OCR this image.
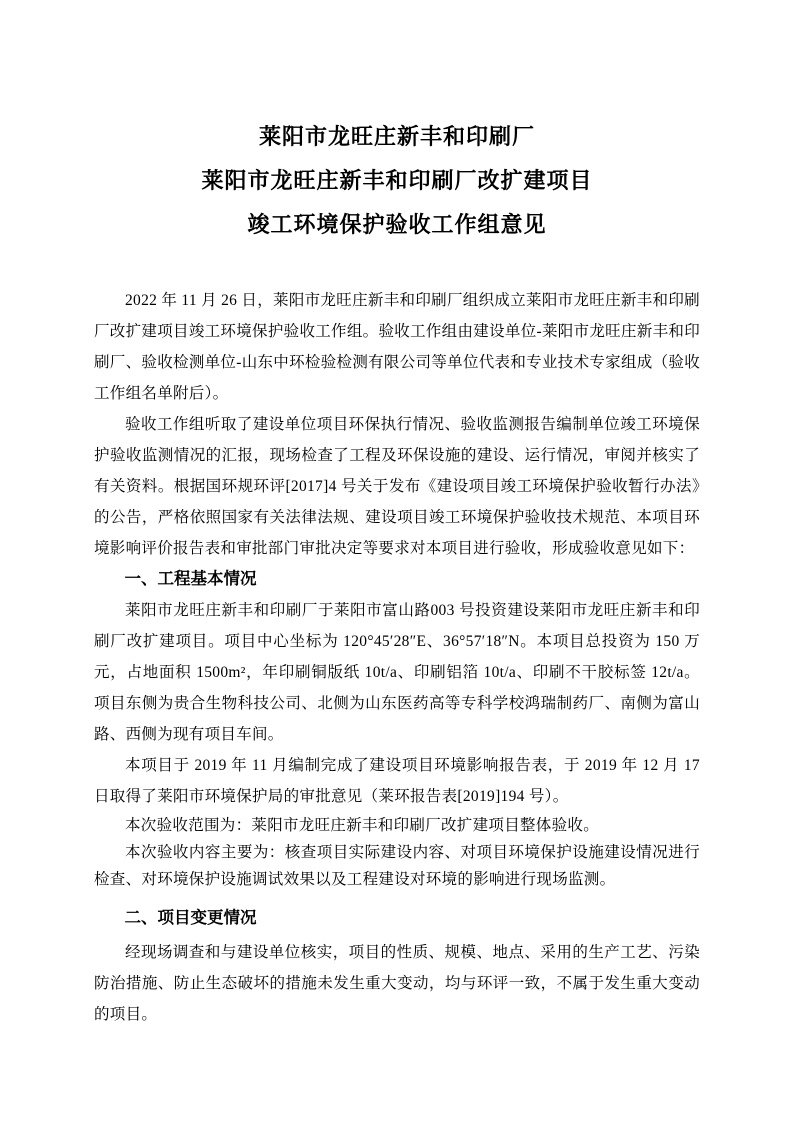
莱阳市龙旺庄新丰和印刷厂
莱阳市龙旺庄新丰和印刷厂改扩建项目
竣工环境保护验收工作组意见

2022 年 11 月 26 日，莱阳市龙旺庄新丰和印刷厂组织成立莱阳市龙旺庄新丰和印刷厂改扩建项目竣工环境保护验收工作组。验收工作组由建设单位-莱阳市龙旺庄新丰和印刷厂、验收检测单位-山东中环检验检测有限公司等单位代表和专业技术专家组成（验收工作组名单附后）。

验收工作组听取了建设单位项目环保执行情况、验收监测报告编制单位竣工环境保护验收监测情况的汇报，现场检查了工程及环保设施的建设、运行情况，审阅并核实了有关资料。根据国环规环评[2017]4 号关于发布《建设项目竣工环境保护验收暂行办法》的公告，严格依照国家有关法律法规、建设项目竣工环境保护验收技术规范、本项目环境影响评价报告表和审批部门审批决定等要求对本项目进行验收，形成验收意见如下：

一、工程基本情况

莱阳市龙旺庄新丰和印刷厂于莱阳市富山路003 号投资建设莱阳市龙旺庄新丰和印刷厂改扩建项目。项目中心坐标为 120°45′28″E、36°57′18″N。本项目总投资为 150 万元，占地面积 1500m²，年印刷铜版纸 10t/a、印刷铝箔 10t/a、印刷不干胶标签 12t/a。项目东侧为贵合生物科技公司、北侧为山东医药高等专科学校鸿瑞制药厂、南侧为富山路、西侧为现有项目车间。

本项目于 2019 年 11 月编制完成了建设项目环境影响报告表，于 2019 年 12 月 17 日取得了莱阳市环境保护局的审批意见（莱环报告表[2019]194 号）。

本次验收范围为：莱阳市龙旺庄新丰和印刷厂改扩建项目整体验收。

本次验收内容主要为：核查项目实际建设内容、对项目环境保护设施建设情况进行检查、对环境保护设施调试效果以及工程建设对环境的影响进行现场监测。

二、项目变更情况

经现场调查和与建设单位核实，项目的性质、规模、地点、采用的生产工艺、污染防治措施、防止生态破坏的措施未发生重大变动，均与环评一致，不属于发生重大变动的项目。
